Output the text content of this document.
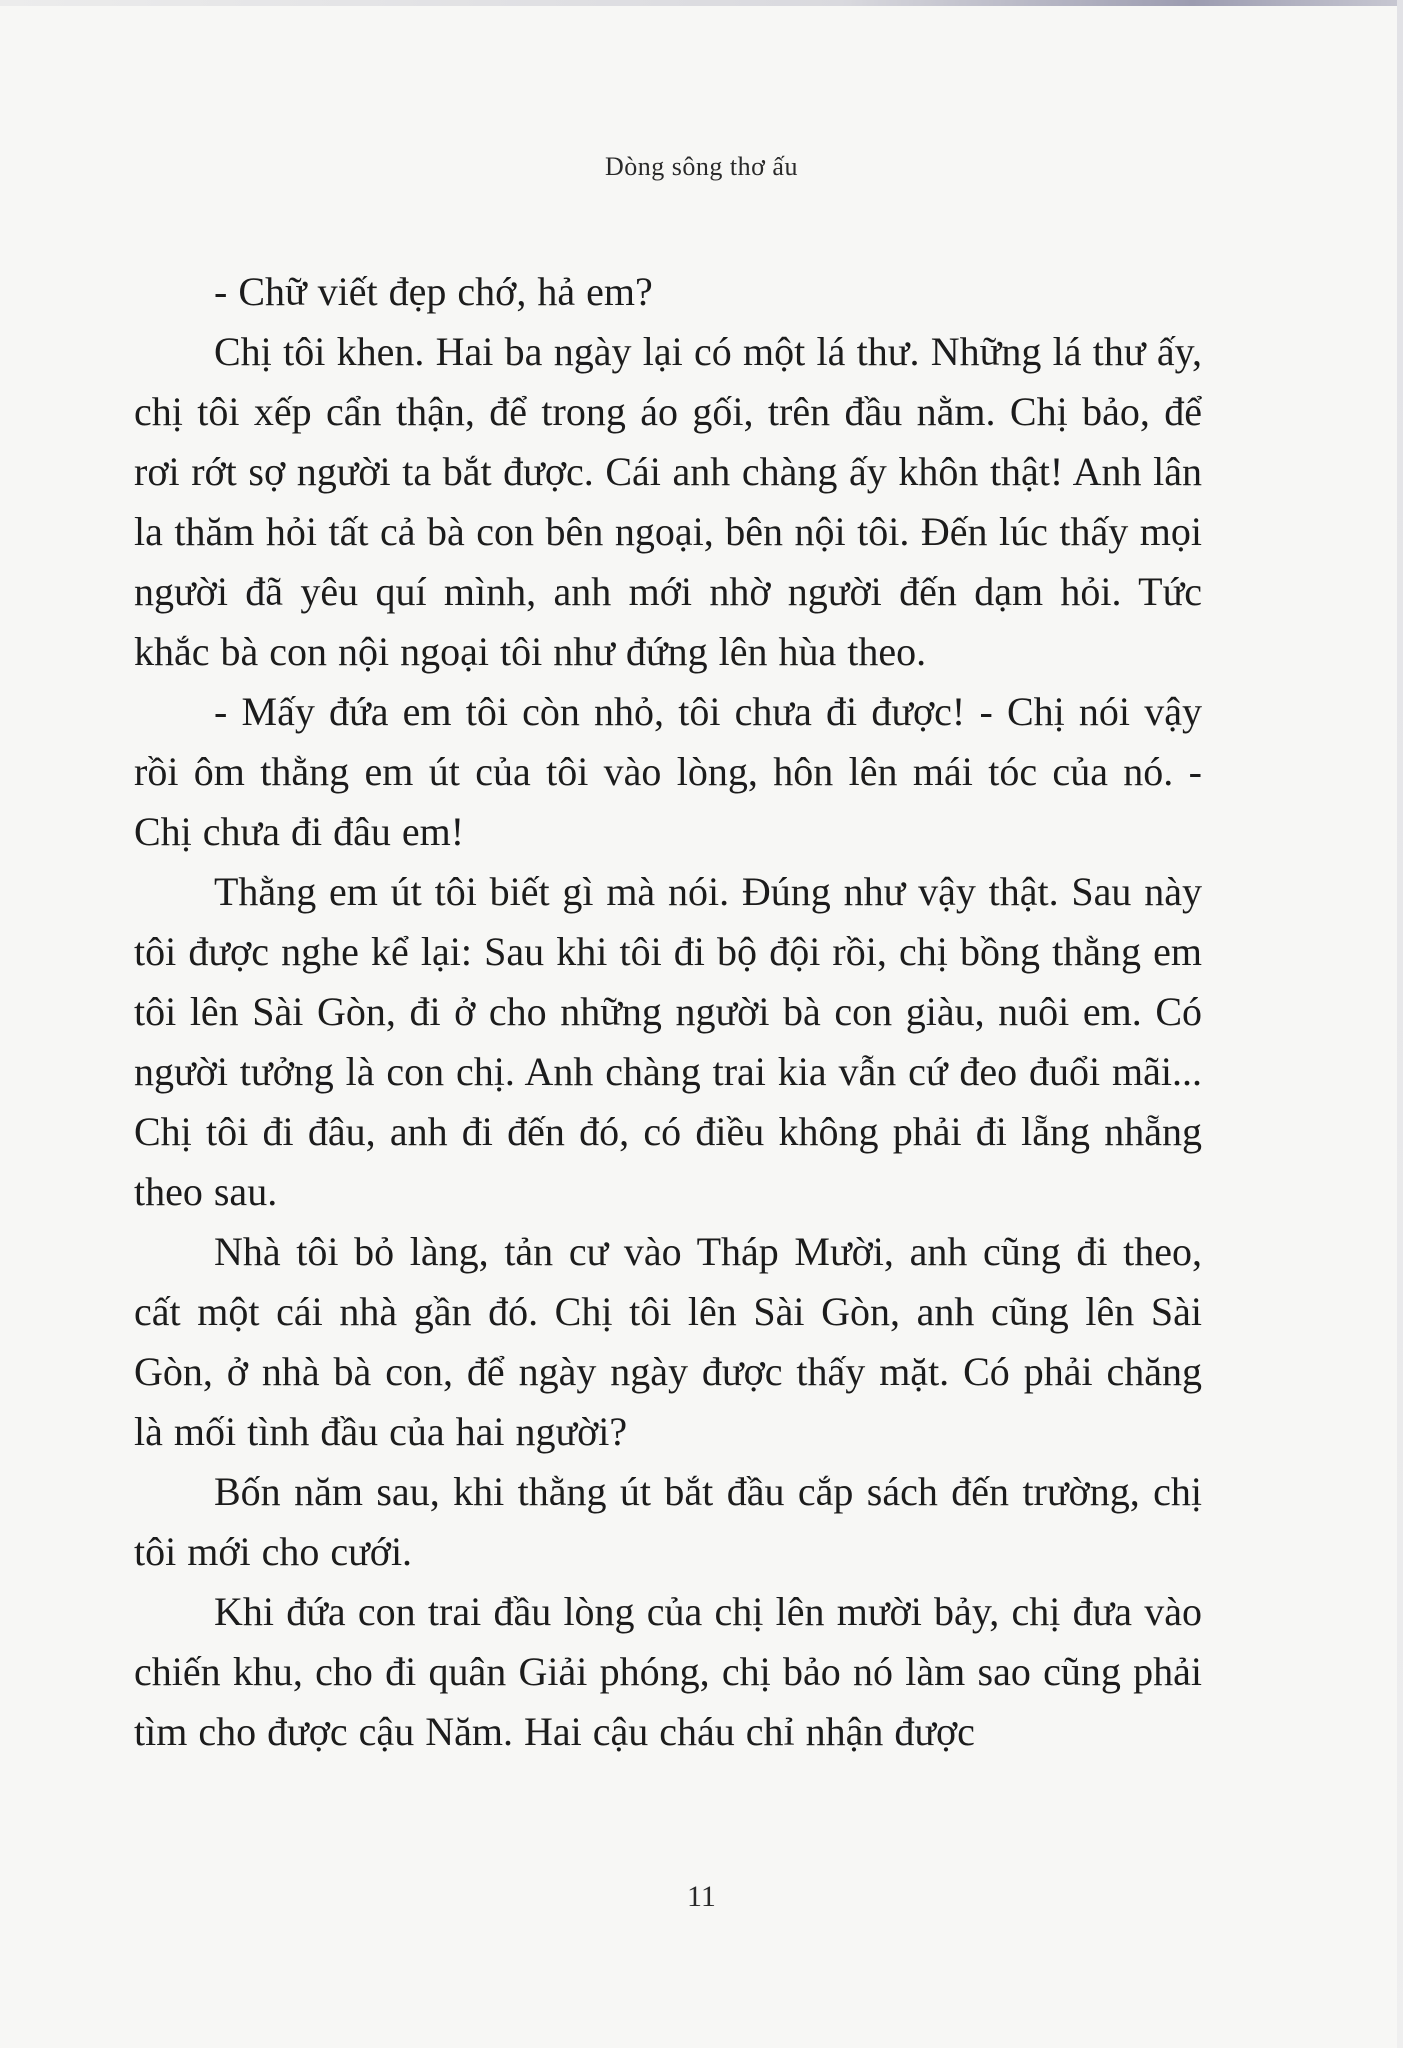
Dòng sông thơ ấu

- Chữ viết đẹp chớ, hả em?

Chị tôi khen. Hai ba ngày lại có một lá thư. Những lá thư ấy, chị tôi xếp cẩn thận, để trong áo gối, trên đầu nằm. Chị bảo, để rơi rớt sợ người ta bắt được. Cái anh chàng ấy khôn thật! Anh lân la thăm hỏi tất cả bà con bên ngoại, bên nội tôi. Đến lúc thấy mọi người đã yêu quí mình, anh mới nhờ người đến dạm hỏi. Tức khắc bà con nội ngoại tôi như đứng lên hùa theo.

- Mấy đứa em tôi còn nhỏ, tôi chưa đi được! - Chị nói vậy rồi ôm thằng em út của tôi vào lòng, hôn lên mái tóc của nó. - Chị chưa đi đâu em!

Thằng em út tôi biết gì mà nói. Đúng như vậy thật. Sau này tôi được nghe kể lại: Sau khi tôi đi bộ đội rồi, chị bồng thằng em tôi lên Sài Gòn, đi ở cho những người bà con giàu, nuôi em. Có người tưởng là con chị. Anh chàng trai kia vẫn cứ đeo đuổi mãi... Chị tôi đi đâu, anh đi đến đó, có điều không phải đi lẵng nhẵng theo sau.

Nhà tôi bỏ làng, tản cư vào Tháp Mười, anh cũng đi theo, cất một cái nhà gần đó. Chị tôi lên Sài Gòn, anh cũng lên Sài Gòn, ở nhà bà con, để ngày ngày được thấy mặt. Có phải chăng là mối tình đầu của hai người?

Bốn năm sau, khi thằng út bắt đầu cắp sách đến trường, chị tôi mới cho cưới.

Khi đứa con trai đầu lòng của chị lên mười bảy, chị đưa vào chiến khu, cho đi quân Giải phóng, chị bảo nó làm sao cũng phải tìm cho được cậu Năm. Hai cậu cháu chỉ nhận được

11
